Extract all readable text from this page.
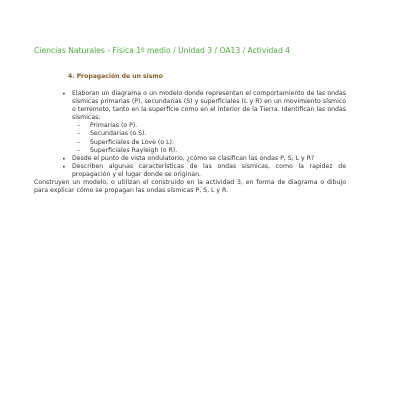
Ciencias Naturales - Física 1º medio / Unidad 3 / OA13 / Actividad 4
4. Propagación de un sismo
• Elaboran un diagrama o un modelo donde representan el comportamiento de las ondas sísmicas primarias (P), secundarias (S) y superficiales (L y R) en un movimiento sísmico o terremoto, tanto en la superficie como en el interior de la Tierra. Identifican las ondas sísmicas:
– Primarias (o P).
– Secundarias (o S).
– Superficiales de Love (o L).
– Superficiales Rayleigh (o R).
• Desde el punto de vista ondulatorio, ¿cómo se clasifican las ondas P, S, L y R?
• Describen algunas características de las ondas sísmicas, como la rapidez de propagación y el lugar donde se originan.

Construyen un modelo, o utilizan el construido en la actividad 3, en forma de diagrama o dibujo para explicar cómo se propagan las ondas sísmicas P, S, L y R.
